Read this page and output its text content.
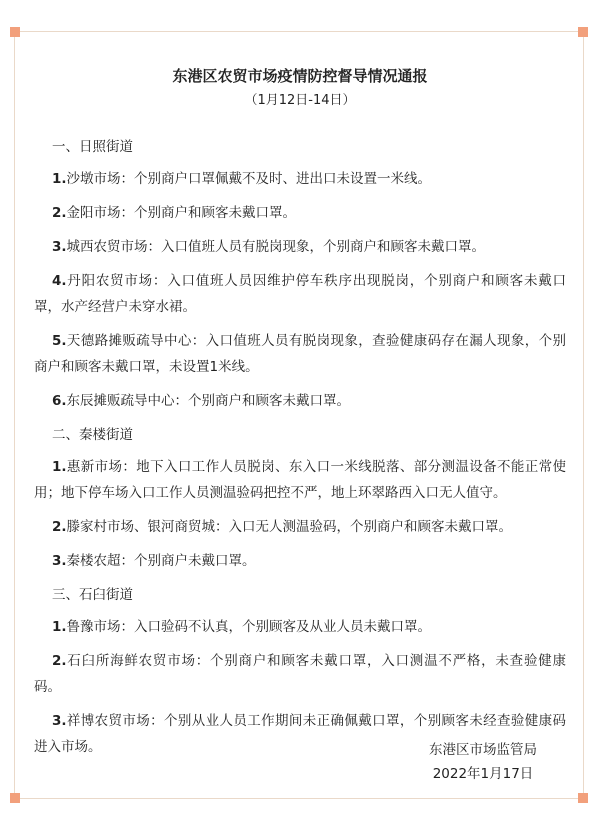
东港区农贸市场疫情防控督导情况通报

（1月12日-14日）

一、日照街道

1.沙墩市场：个别商户口罩佩戴不及时、进出口未设置一米线。

2.金阳市场：个别商户和顾客未戴口罩。

3.城西农贸市场：入口值班人员有脱岗现象，个别商户和顾客未戴口罩。

4.丹阳农贸市场：入口值班人员因维护停车秩序出现脱岗，个别商户和顾客未戴口罩，水产经营户未穿水裙。

5.天德路摊贩疏导中心：入口值班人员有脱岗现象，查验健康码存在漏人现象，个别商户和顾客未戴口罩，未设置1米线。

6.东辰摊贩疏导中心：个别商户和顾客未戴口罩。

二、秦楼街道

1.惠新市场：地下入口工作人员脱岗、东入口一米线脱落、部分测温设备不能正常使用；地下停车场入口工作人员测温验码把控不严，地上环翠路西入口无人值守。

2.滕家村市场、银河商贸城：入口无人测温验码，个别商户和顾客未戴口罩。

3.秦楼农超：个别商户未戴口罩。

三、石臼街道

1.鲁豫市场：入口验码不认真，个别顾客及从业人员未戴口罩。

2.石臼所海鲜农贸市场：个别商户和顾客未戴口罩，入口测温不严格，未查验健康码。

3.祥博农贸市场：个别从业人员工作期间未正确佩戴口罩，个别顾客未经查验健康码进入市场。	东港区市场监管局
2022年1月17日
